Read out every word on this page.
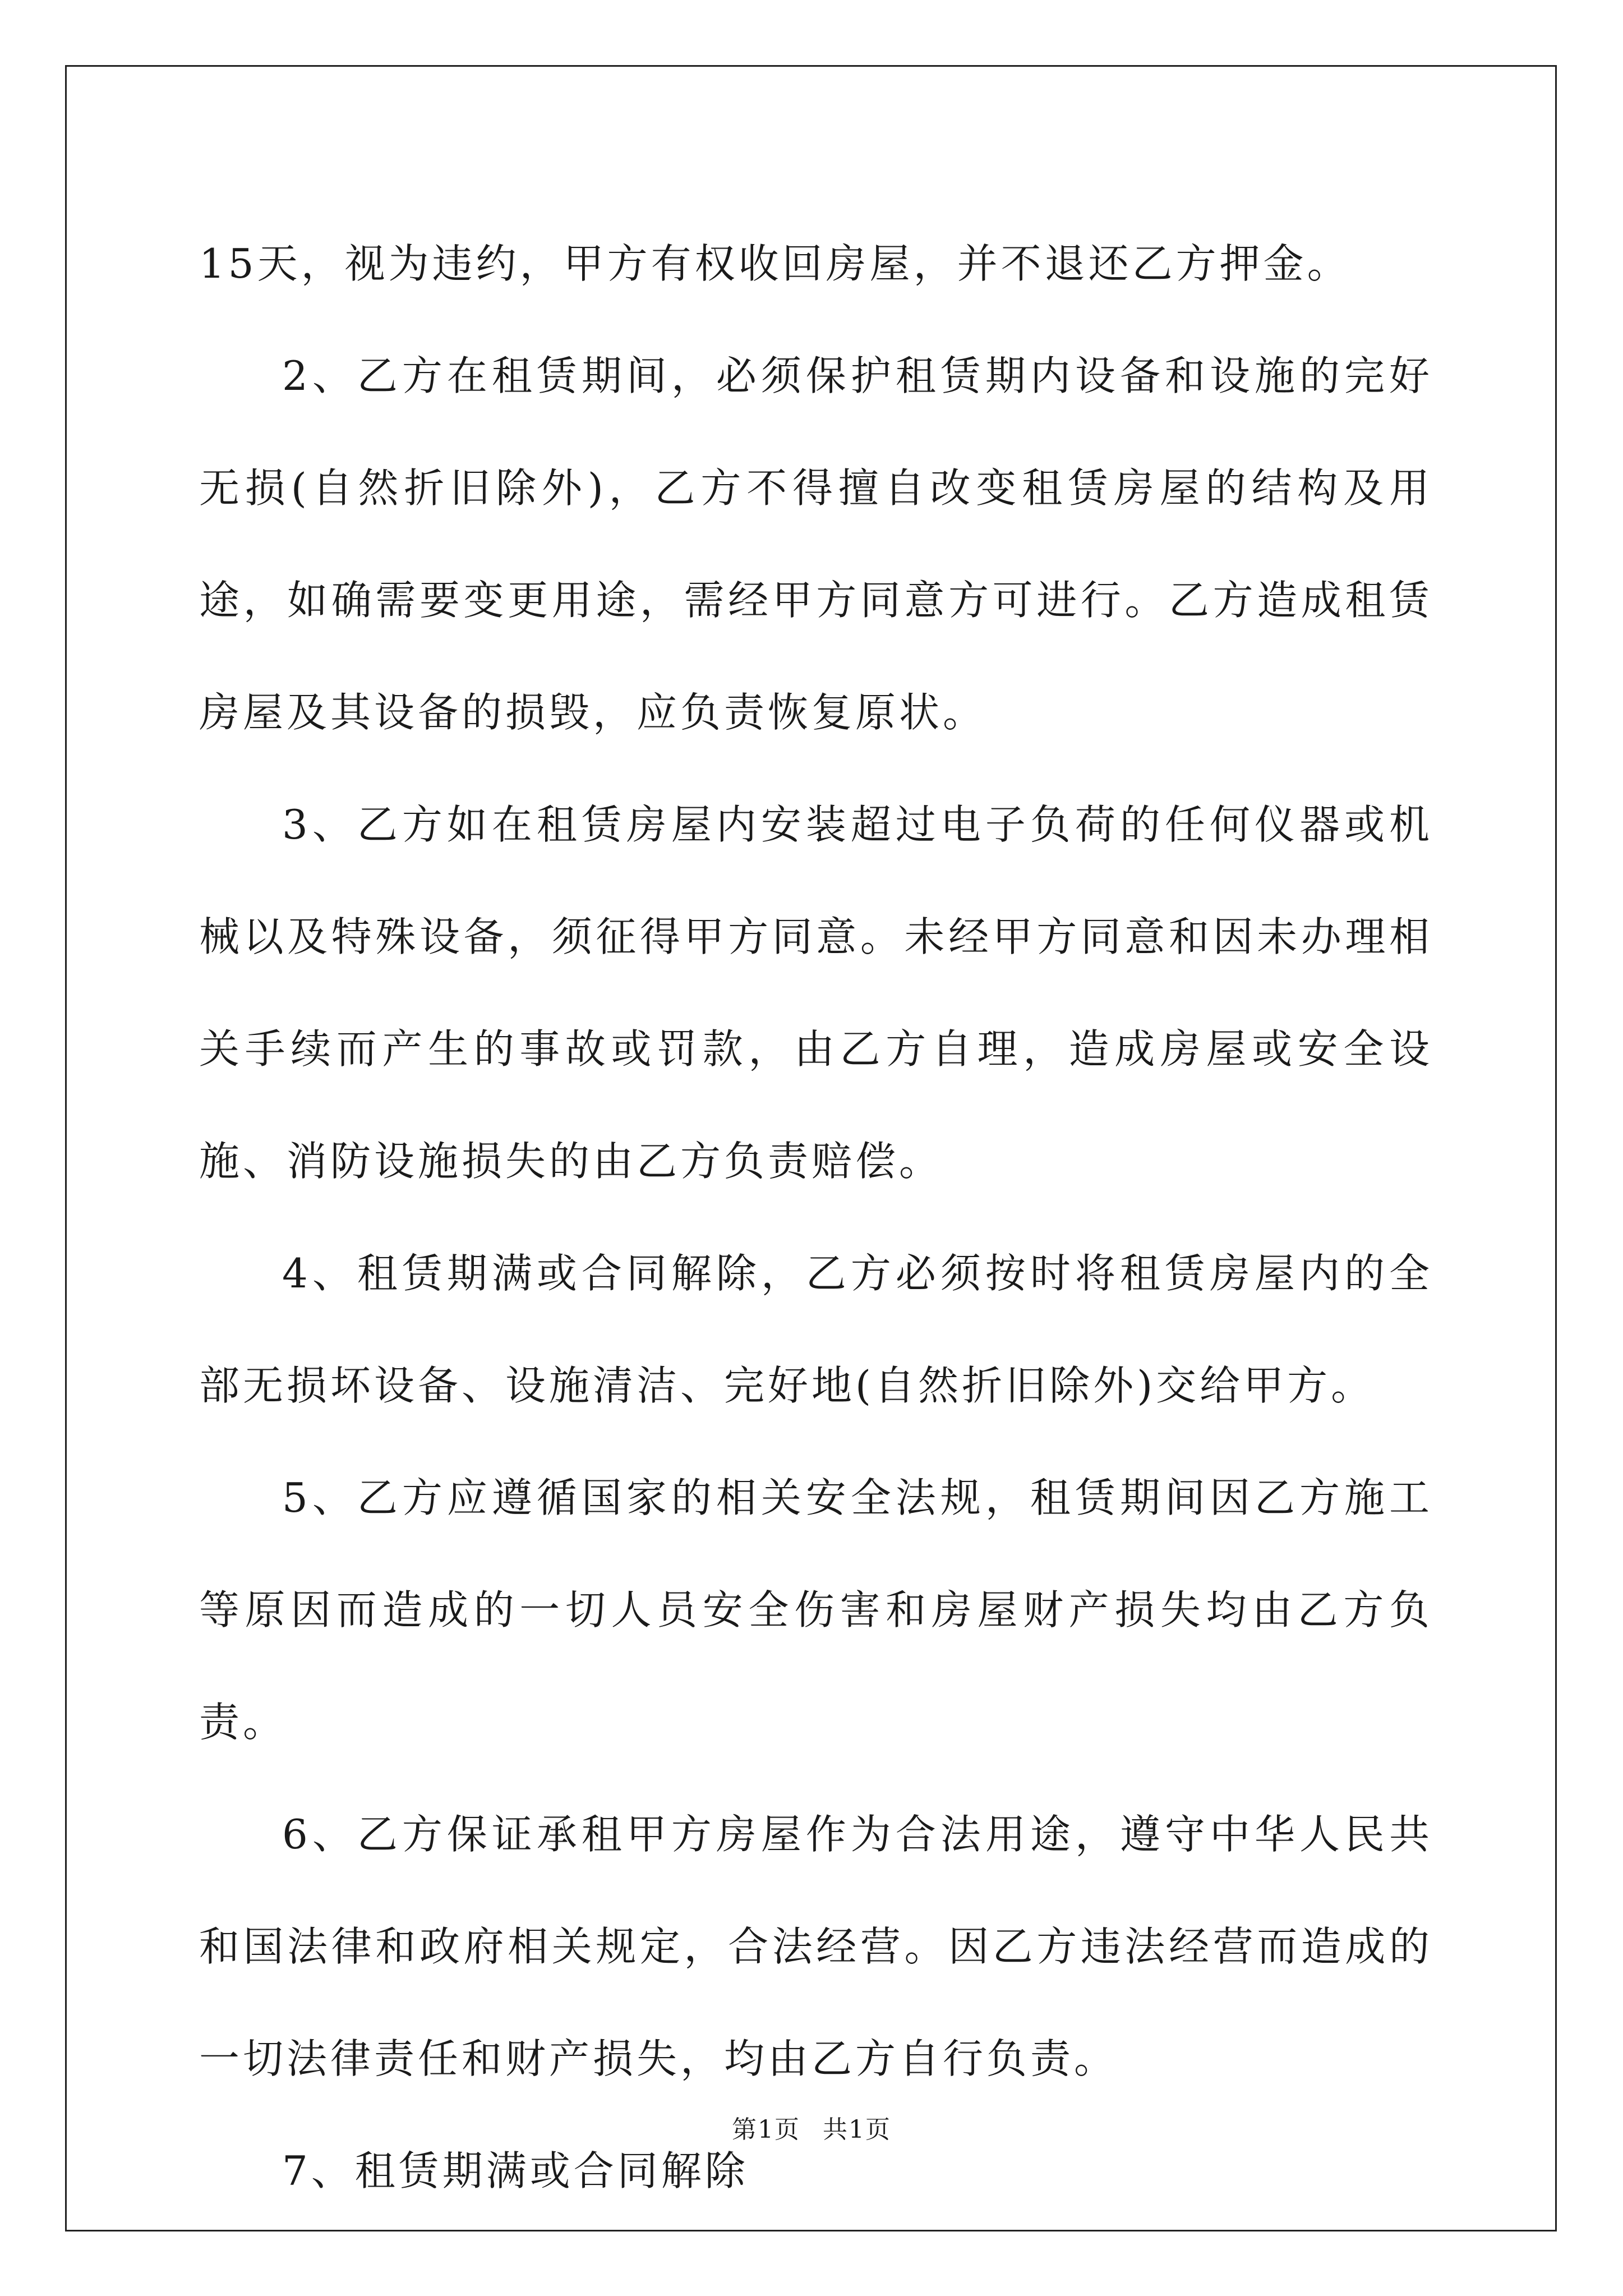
15天，视为违约，甲方有权收回房屋，并不退还乙方押金。

2、乙方在租赁期间，必须保护租赁期内设备和设施的完好无损(自然折旧除外)，乙方不得擅自改变租赁房屋的结构及用途，如确需要变更用途，需经甲方同意方可进行。乙方造成租赁房屋及其设备的损毁，应负责恢复原状。

3、乙方如在租赁房屋内安装超过电子负荷的任何仪器或机械以及特殊设备，须征得甲方同意。未经甲方同意和因未办理相关手续而产生的事故或罚款，由乙方自理，造成房屋或安全设施、消防设施损失的由乙方负责赔偿。

4、租赁期满或合同解除，乙方必须按时将租赁房屋内的全部无损坏设备、设施清洁、完好地(自然折旧除外)交给甲方。

5、乙方应遵循国家的相关安全法规，租赁期间因乙方施工等原因而造成的一切人员安全伤害和房屋财产损失均由乙方负责。

6、乙方保证承租甲方房屋作为合法用途，遵守中华人民共和国法律和政府相关规定，合法经营。因乙方违法经营而造成的一切法律责任和财产损失，均由乙方自行负责。

7、租赁期满或合同解除

第1页 共1页
